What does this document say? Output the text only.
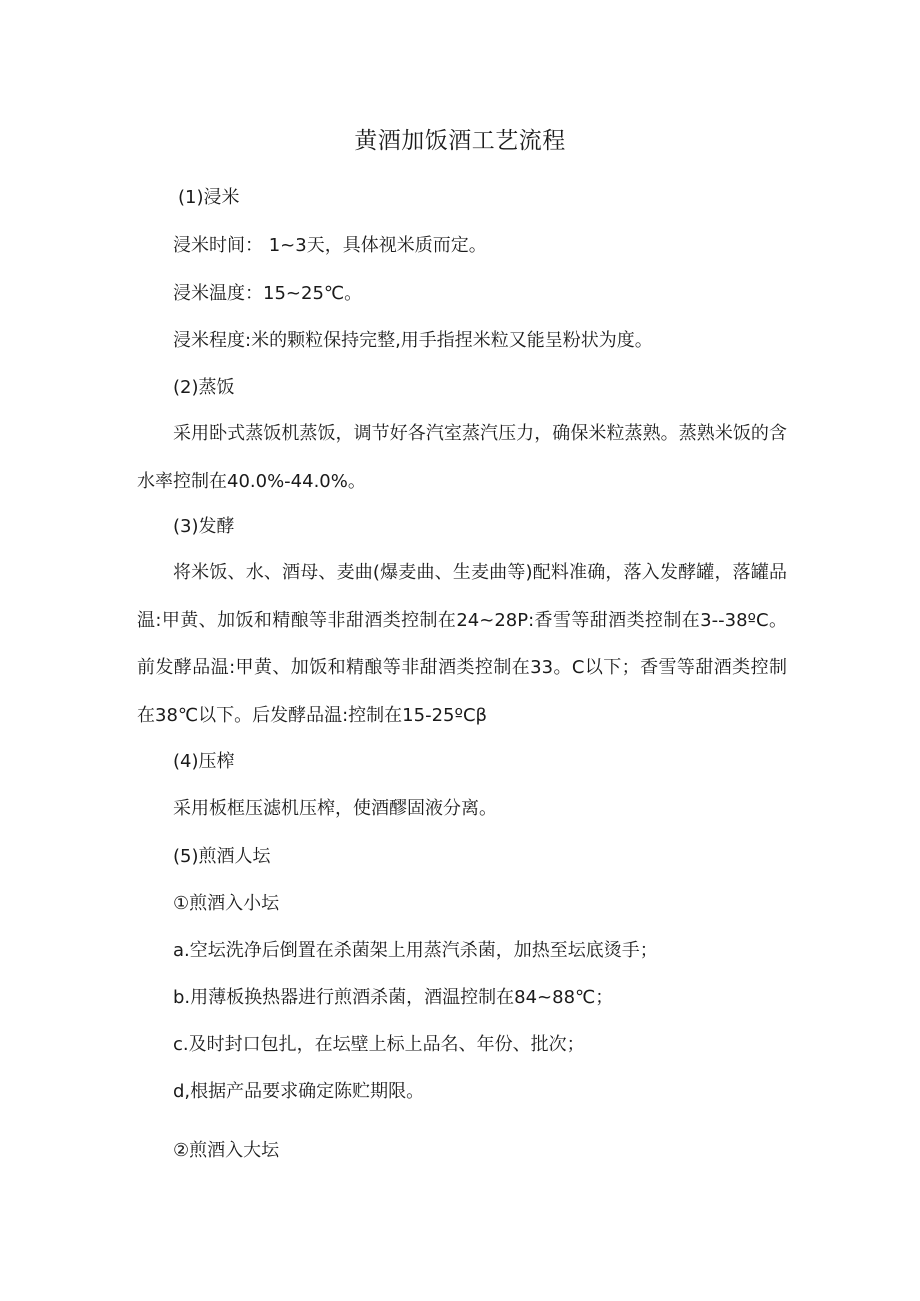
黄酒加饭酒工艺流程
(1)浸米
浸米时间： 1~3天，具体视米质而定。
浸米温度：15~25℃。
浸米程度:米的颗粒保持完整,用手指捏米粒又能呈粉状为度。
(2)蒸饭
采用卧式蒸饭机蒸饭，调节好各汽室蒸汽压力，确保米粒蒸熟。蒸熟米饭的含水率控制在40.0%-44.0%。
(3)发酵
将米饭、水、酒母、麦曲(爆麦曲、生麦曲等)配料准确，落入发酵罐，落罐品温:甲黄、加饭和精酿等非甜酒类控制在24~28P:香雪等甜酒类控制在3--38ºC。前发酵品温:甲黄、加饭和精酿等非甜酒类控制在33。C以下；香雪等甜酒类控制在38℃以下。后发酵品温:控制在15-25ºCβ
(4)压榨
采用板框压滤机压榨，使酒醪固液分离。
(5)煎酒人坛
①煎酒入小坛
a.空坛洗净后倒置在杀菌架上用蒸汽杀菌，加热至坛底烫手；
b.用薄板换热器进行煎酒杀菌，酒温控制在84~88℃；
c.及时封口包扎，在坛壁上标上品名、年份、批次；
d,根据产品要求确定陈贮期限。
②煎酒入大坛
